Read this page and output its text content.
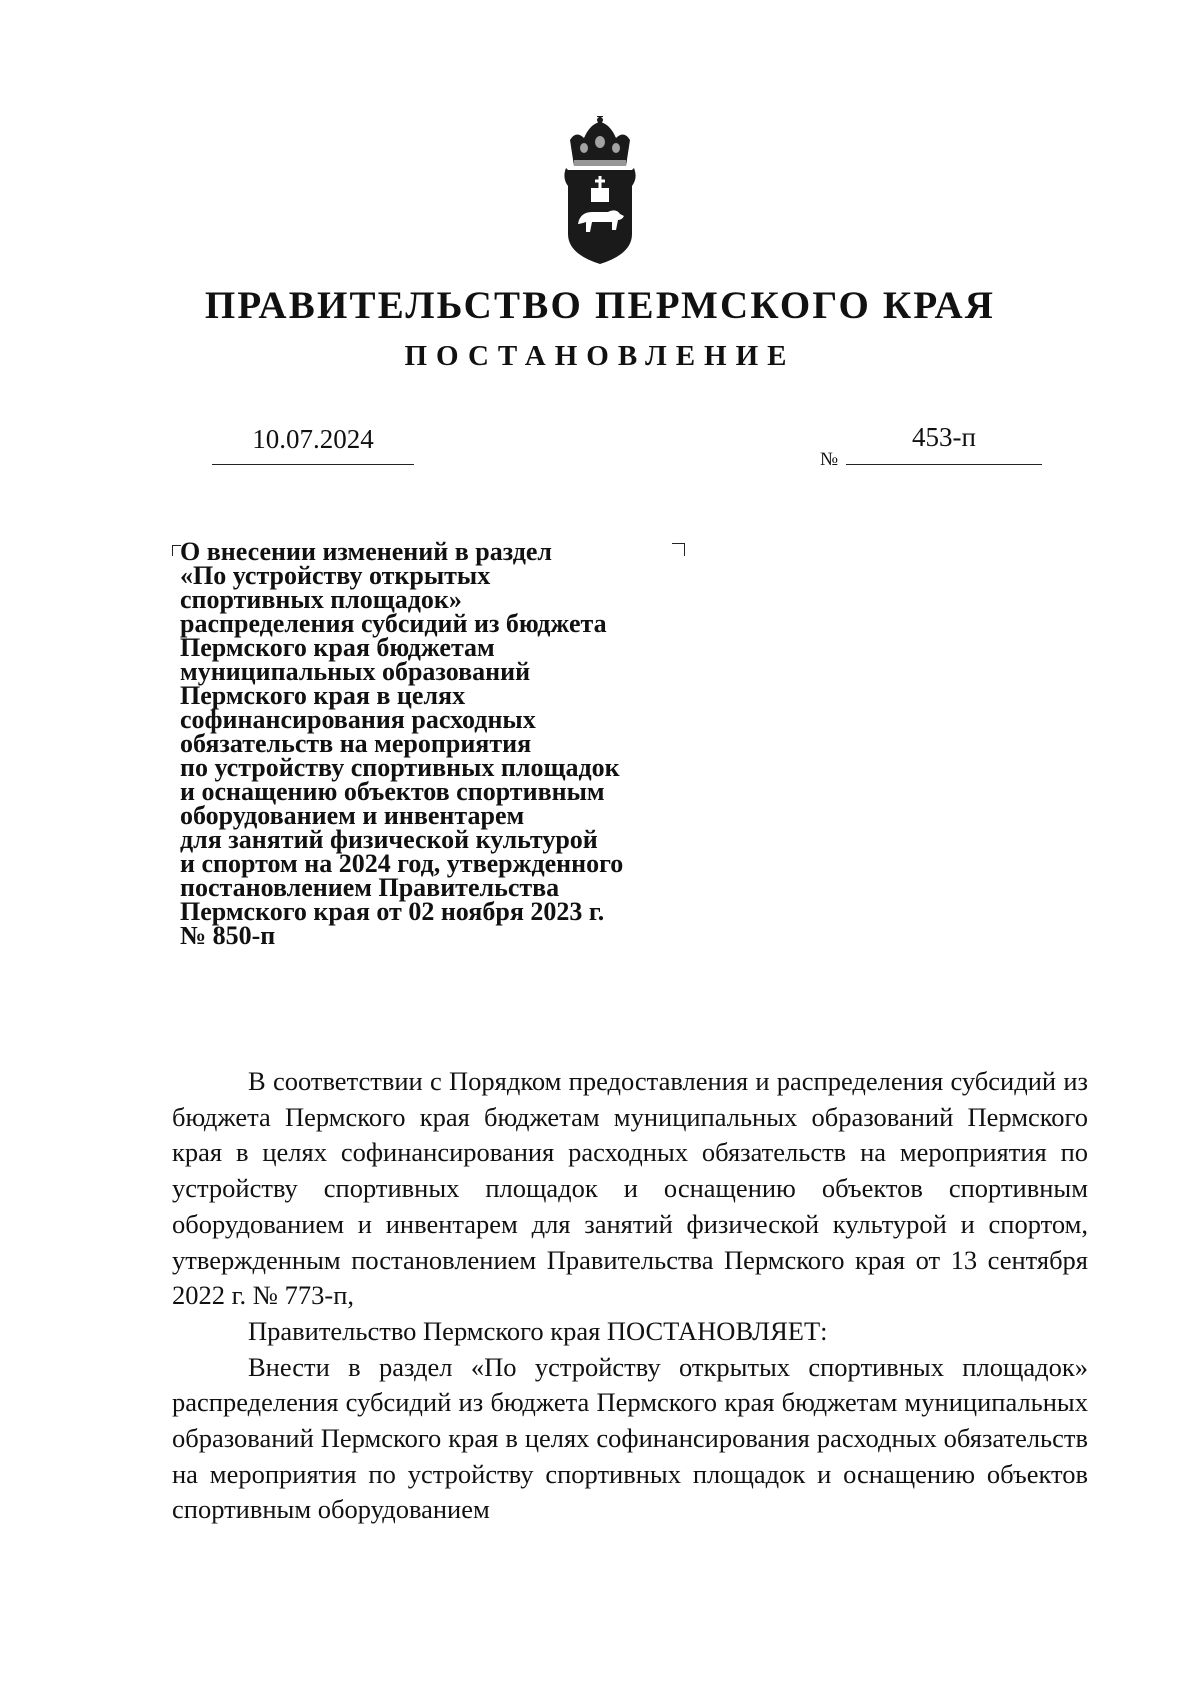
ПРАВИТЕЛЬСТВО ПЕРМСКОГО КРАЯ
ПОСТАНОВЛЕНИЕ
10.07.2024
№
453-п
О внесении изменений в раздел
«По устройству открытых
спортивных площадок»
распределения субсидий из бюджета
Пермского края бюджетам
муниципальных образований
Пермского края в целях
софинансирования расходных
обязательств на мероприятия
по устройству спортивных площадок
и оснащению объектов спортивным
оборудованием и инвентарем
для занятий физической культурой
и спортом на 2024 год, утвержденного
постановлением Правительства
Пермского края от 02 ноября 2023 г.
№ 850-п

В соответствии с Порядком предоставления и распределения субсидий из бюджета Пермского края бюджетам муниципальных образований Пермского края в целях софинансирования расходных обязательств на мероприятия по устройству спортивных площадок и оснащению объектов спортивным оборудованием и инвентарем для занятий физической культурой и спортом, утвержденным постановлением Правительства Пермского края от 13 сентября 2022 г. № 773-п,

Правительство Пермского края ПОСТАНОВЛЯЕТ:

Внести в раздел «По устройству открытых спортивных площадок» распределения субсидий из бюджета Пермского края бюджетам муниципальных образований Пермского края в целях софинансирования расходных обязательств на мероприятия по устройству спортивных площадок и оснащению объектов спортивным оборудованием
